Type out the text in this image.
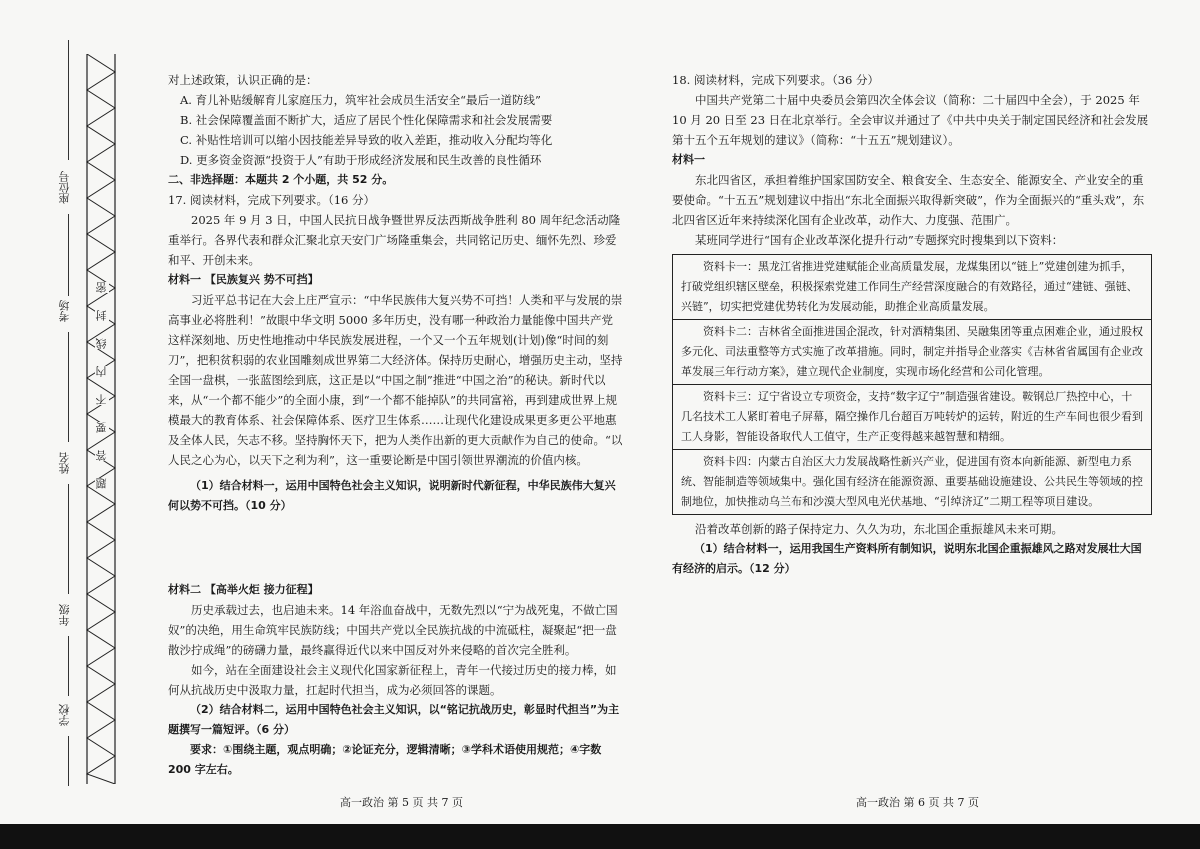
座位号
考场
姓名
年级
学校
密
封
线
内
不
要
答
题

对上述政策，认识正确的是：

A. 育儿补贴缓解育儿家庭压力，筑牢社会成员生活安全“最后一道防线”

B. 社会保障覆盖面不断扩大，适应了居民个性化保障需求和社会发展需要

C. 补贴性培训可以缩小因技能差异导致的收入差距，推动收入分配均等化

D. 更多资金资源“投资于人”有助于形成经济发展和民生改善的良性循环

二、非选择题：本题共 2 个小题，共 52 分。

17. 阅读材料，完成下列要求。（16 分）

2025 年 9 月 3 日，中国人民抗日战争暨世界反法西斯战争胜利 80 周年纪念活动隆重举行。各界代表和群众汇聚北京天安门广场隆重集会，共同铭记历史、缅怀先烈、珍爱和平、开创未来。

材料一 【民族复兴 势不可挡】

习近平总书记在大会上庄严宣示：“中华民族伟大复兴势不可挡！人类和平与发展的崇高事业必将胜利！”故眼中华文明 5000 多年历史，没有哪一种政治力量能像中国共产党这样深刻地、历史性地推动中华民族发展进程，一个又一个五年规划(计划)像“时间的刻刀”，把积贫积弱的农业国雕刻成世界第二大经济体。保持历史耐心，增强历史主动，坚持全国一盘棋，一张蓝图绘到底，这正是以“中国之制”推进“中国之治”的秘诀。新时代以来，从“一个都不能少”的全面小康，到“一个都不能掉队”的共同富裕，再到建成世界上规模最大的教育体系、社会保障体系、医疗卫生体系……让现代化建设成果更多更公平地惠及全体人民，矢志不移。坚持胸怀天下，把为人类作出新的更大贡献作为自己的使命。“以人民之心为心，以天下之利为利”，这一重要论断是中国引领世界潮流的价值内核。

（1）结合材料一，运用中国特色社会主义知识，说明新时代新征程，中华民族伟大复兴何以势不可挡。（10 分）

材料二 【高举火炬 接力征程】

历史承载过去，也启迪未来。14 年浴血奋战中，无数先烈以“宁为战死鬼，不做亡国奴”的决绝，用生命筑牢民族防线；中国共产党以全民族抗战的中流砥柱，凝聚起“把一盘散沙拧成绳”的磅礴力量，最终赢得近代以来中国反对外来侵略的首次完全胜利。

如今，站在全面建设社会主义现代化国家新征程上，青年一代接过历史的接力棒，如何从抗战历史中汲取力量，扛起时代担当，成为必须回答的课题。

（2）结合材料二，运用中国特色社会主义知识，以“铭记抗战历史，彰显时代担当”为主题撰写一篇短评。（6 分）

要求：①围绕主题，观点明确；②论证充分，逻辑清晰；③学科术语使用规范；④字数 200 字左右。

18. 阅读材料，完成下列要求。（36 分）

中国共产党第二十届中央委员会第四次全体会议（简称：二十届四中全会），于 2025 年 10 月 20 日至 23 日在北京举行。全会审议并通过了《中共中央关于制定国民经济和社会发展第十五个五年规划的建议》（简称：“十五五”规划建议）。

材料一

东北四省区，承担着维护国家国防安全、粮食安全、生态安全、能源安全、产业安全的重要使命。“十五五”规划建议中指出“东北全面振兴取得新突破”，作为全面振兴的“重头戏”，东北四省区近年来持续深化国有企业改革，动作大、力度强、范围广。

某班同学进行“国有企业改革深化提升行动”专题探究时搜集到以下资料：

资料卡一：黑龙江省推进党建赋能企业高质量发展，龙煤集团以“链上”党建创建为抓手，打破党组织辖区壁垒，积极探索党建工作同生产经营深度融合的有效路径，通过“建链、强链、兴链”，切实把党建优势转化为发展动能，助推企业高质量发展。
资料卡二：吉林省全面推进国企混改，针对酒精集团、吴融集团等重点困难企业，通过股权多元化、司法重整等方式实施了改革措施。同时，制定并指导企业落实《吉林省省属国有企业改革发展三年行动方案》，建立现代企业制度，实现市场化经营和公司化管理。
资料卡三：辽宁省设立专项资金，支持“数字辽宁”制造强省建设。鞍钢总厂热控中心，十几名技术工人紧盯着电子屏幕，隔空操作几台超百万吨转炉的运转，附近的生产车间也很少看到工人身影，智能设备取代人工值守，生产正变得越来越智慧和精细。
资料卡四：内蒙古自治区大力发展战略性新兴产业，促进国有资本向新能源、新型电力系统、智能制造等领域集中。强化国有经济在能源资源、重要基础设施建设、公共民生等领域的控制地位，加快推动乌兰布和沙漠大型风电光伏基地、“引绰济辽”二期工程等项目建设。

沿着改革创新的路子保持定力、久久为功，东北国企重振雄风未来可期。

（1）结合材料一，运用我国生产资料所有制知识，说明东北国企重振雄风之路对发展壮大国有经济的启示。（12 分）

高一政治 第 5 页 共 7 页	高一政治 第 6 页 共 7 页
